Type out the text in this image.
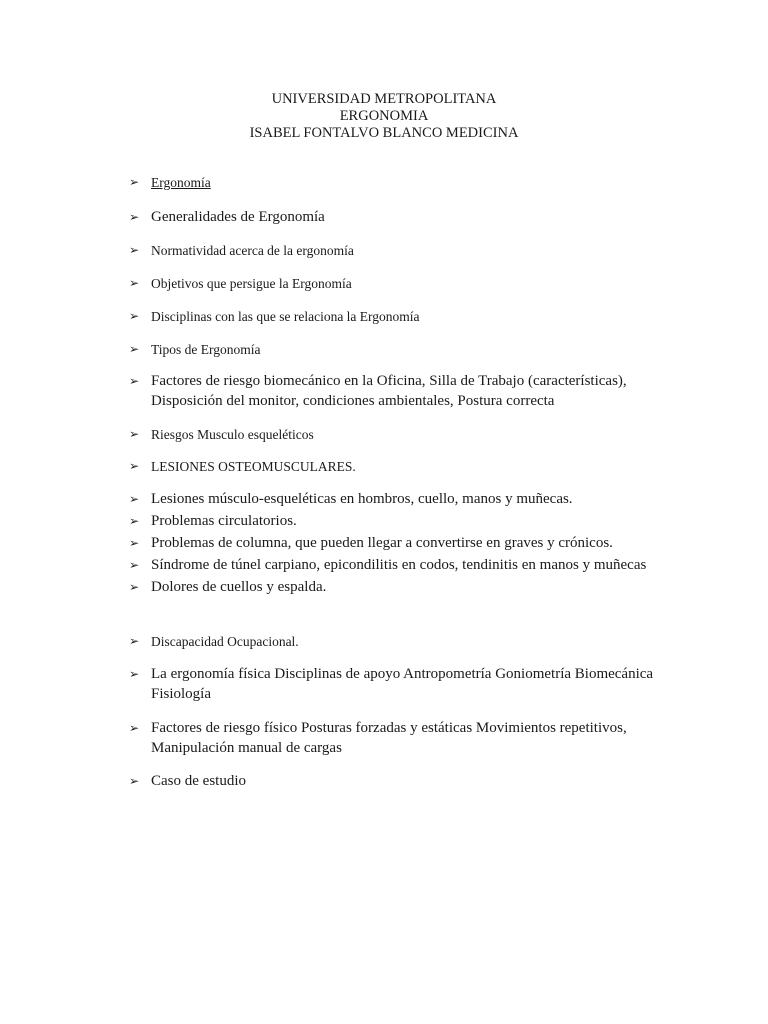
UNIVERSIDAD METROPOLITANA
ERGONOMIA
ISABEL FONTALVO BLANCO MEDICINA
➢ Ergonomía
➢ Generalidades de Ergonomía
➢ Normatividad acerca de la ergonomía
➢ Objetivos que persigue la Ergonomía
➢ Disciplinas con las que se relaciona la Ergonomía
➢ Tipos de Ergonomía
➢ Factores de riesgo biomecánico en la Oficina, Silla de Trabajo (características), Disposición del monitor, condiciones ambientales, Postura correcta
➢ Riesgos Musculo esqueléticos
➢ LESIONES OSTEOMUSCULARES.
➢ Lesiones músculo-esqueléticas en hombros, cuello, manos y muñecas.
➢ Problemas circulatorios.
➢ Problemas de columna, que pueden llegar a convertirse en graves y crónicos.
➢ Síndrome de túnel carpiano, epicondilitis en codos, tendinitis en manos y muñecas
➢ Dolores de cuellos y espalda.
➢ Discapacidad Ocupacional.
➢ La ergonomía física Disciplinas de apoyo Antropometría Goniometría Biomecánica Fisiología
➢ Factores de riesgo físico Posturas forzadas y estáticas Movimientos repetitivos, Manipulación manual de cargas
➢ Caso de estudio
